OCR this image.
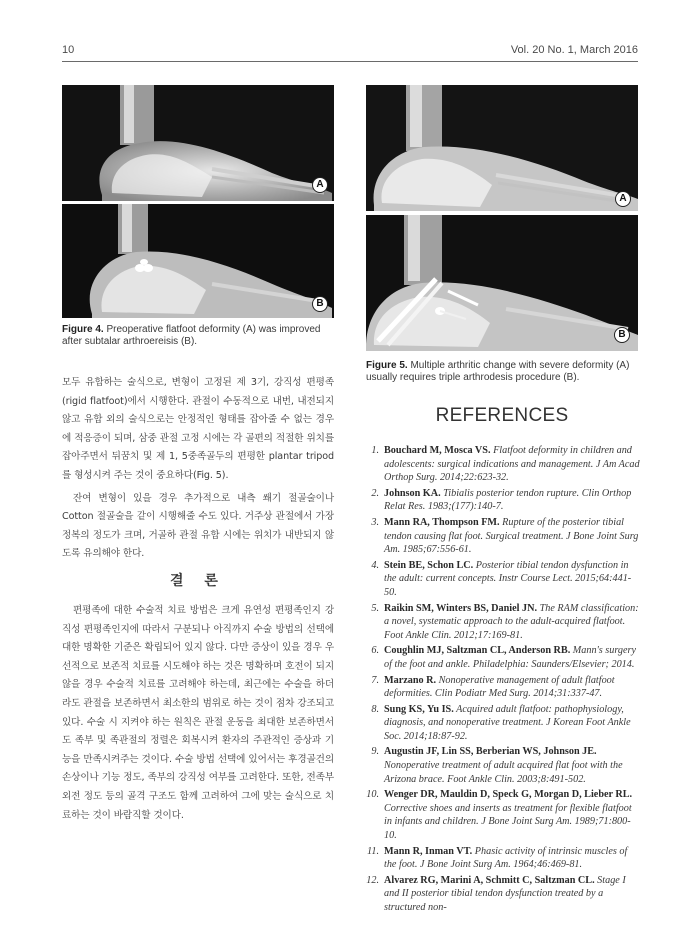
10	Vol. 20 No. 1, March 2016
A
B
Figure 4. Preoperative flatfoot deformity (A) was improved after subtalar arthroereisis (B).
A
B
Figure 5. Multiple arthritic change with severe deformity (A) usually requires triple arthrodesis procedure (B).

모두 유합하는 술식으로, 변형이 고정된 제 3기, 강직성 편평족(rigid flatfoot)에서 시행한다. 관절이 수동적으로 내번, 내전되지 않고 유합 외의 술식으로는 안정적인 형태를 잡아줄 수 없는 경우에 적응증이 되며, 삼중 관절 고정 시에는 각 골편의 적절한 위치를 잡아주면서 뒤꿈치 및 제 1, 5중족골두의 편평한 plantar tripod를 형성시켜 주는 것이 중요하다(Fig. 5).

잔여 변형이 있을 경우 추가적으로 내측 쐐기 절골술이나 Cotton 절골술을 같이 시행해줄 수도 있다. 거주상 관절에서 가장 정복의 정도가 크며, 거골하 관절 유합 시에는 위치가 내반되지 않도록 유의해야 한다.

결 론

편평족에 대한 수술적 치료 방법은 크게 유연성 편평족인지 강직성 편평족인지에 따라서 구분되나 아직까지 수술 방법의 선택에 대한 명확한 기준은 확립되어 있지 않다. 다만 증상이 있을 경우 우선적으로 보존적 치료를 시도해야 하는 것은 명확하며 호전이 되지 않을 경우 수술적 치료를 고려해야 하는데, 최근에는 수술을 하더라도 관절을 보존하면서 최소한의 범위로 하는 것이 점차 강조되고 있다. 수술 시 지켜야 하는 원칙은 관절 운동을 최대한 보존하면서도 족부 및 족관절의 정렬은 회복시켜 환자의 주관적인 증상과 기능을 만족시켜주는 것이다. 수술 방법 선택에 있어서는 후경골건의 손상이나 기능 정도, 족부의 강직성 여부를 고려한다. 또한, 전족부 외전 정도 등의 골격 구조도 함께 고려하여 그에 맞는 술식으로 치료하는 것이 바람직할 것이다.

REFERENCES
1. Bouchard M, Mosca VS. Flatfoot deformity in children and adolescents: surgical indications and management. J Am Acad Orthop Surg. 2014;22:623-32.
2. Johnson KA. Tibialis posterior tendon rupture. Clin Orthop Relat Res. 1983;(177):140-7.
3. Mann RA, Thompson FM. Rupture of the posterior tibial tendon causing flat foot. Surgical treatment. J Bone Joint Surg Am. 1985;67:556-61.
4. Stein BE, Schon LC. Posterior tibial tendon dysfunction in the adult: current concepts. Instr Course Lect. 2015;64:441-50.
5. Raikin SM, Winters BS, Daniel JN. The RAM classification: a novel, systematic approach to the adult-acquired flatfoot. Foot Ankle Clin. 2012;17:169-81.
6. Coughlin MJ, Saltzman CL, Anderson RB. Mann's surgery of the foot and ankle. Philadelphia: Saunders/Elsevier; 2014.
7. Marzano R. Nonoperative management of adult flatfoot deformities. Clin Podiatr Med Surg. 2014;31:337-47.
8. Sung KS, Yu IS. Acquired adult flatfoot: pathophysiology, diagnosis, and nonoperative treatment. J Korean Foot Ankle Soc. 2014;18:87-92.
9. Augustin JF, Lin SS, Berberian WS, Johnson JE. Nonoperative treatment of adult acquired flat foot with the Arizona brace. Foot Ankle Clin. 2003;8:491-502.
10. Wenger DR, Mauldin D, Speck G, Morgan D, Lieber RL. Corrective shoes and inserts as treatment for flexible flatfoot in infants and children. J Bone Joint Surg Am. 1989;71:800-10.
11. Mann R, Inman VT. Phasic activity of intrinsic muscles of the foot. J Bone Joint Surg Am. 1964;46:469-81.
12. Alvarez RG, Marini A, Schmitt C, Saltzman CL. Stage I and II posterior tibial tendon dysfunction treated by a structured non-
